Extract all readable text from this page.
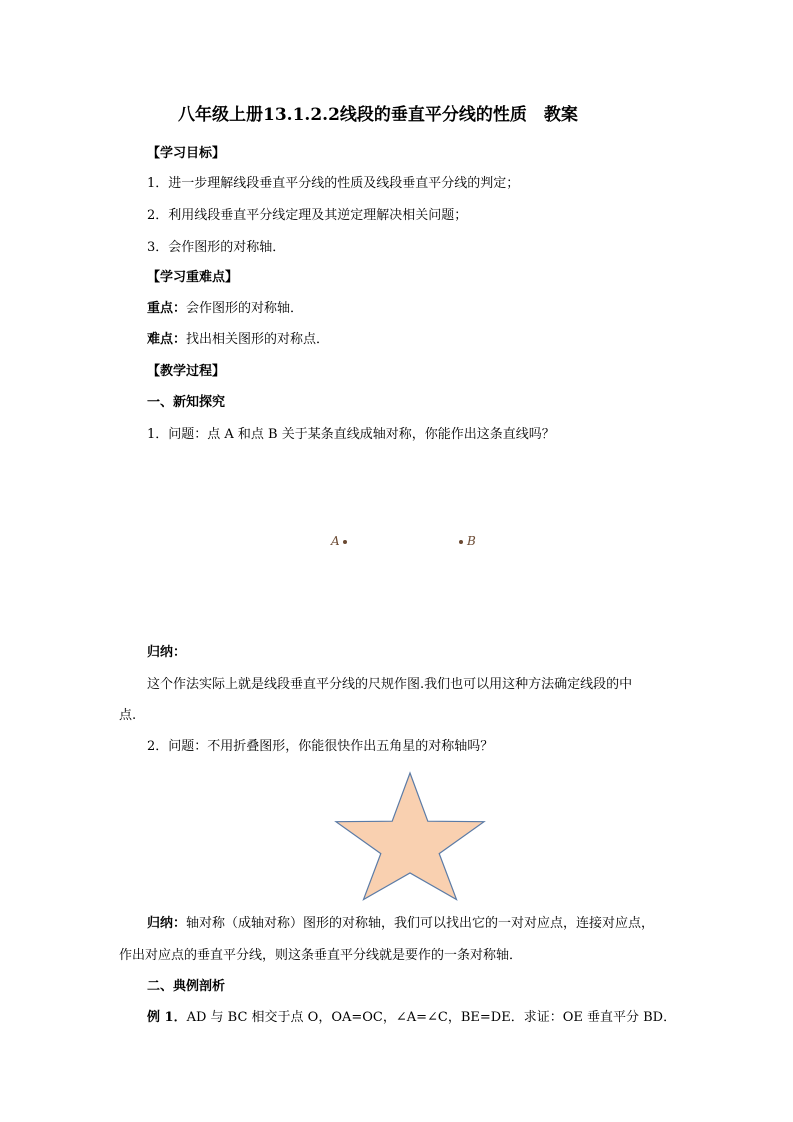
八年级上册13.1.2.2线段的垂直平分线的性质　教案
【学习目标】
1．进一步理解线段垂直平分线的性质及线段垂直平分线的判定；
2．利用线段垂直平分线定理及其逆定理解决相关问题；
3．会作图形的对称轴．
【学习重难点】
重点：会作图形的对称轴．
难点：找出相关图形的对称点．
【教学过程】
一、新知探究
1．问题：点 A 和点 B 关于某条直线成轴对称，你能作出这条直线吗？
A	B
归纳：
这个作法实际上就是线段垂直平分线的尺规作图.我们也可以用这种方法确定线段的中
点.
2．问题：不用折叠图形，你能很快作出五角星的对称轴吗？
归纳：轴对称（成轴对称）图形的对称轴，我们可以找出它的一对对应点，连接对应点，
作出对应点的垂直平分线，则这条垂直平分线就是要作的一条对称轴．
二、典例剖析
例 1．AD 与 BC 相交于点 O，OA=OC，∠A=∠C，BE=DE．求证：OE 垂直平分 BD．
